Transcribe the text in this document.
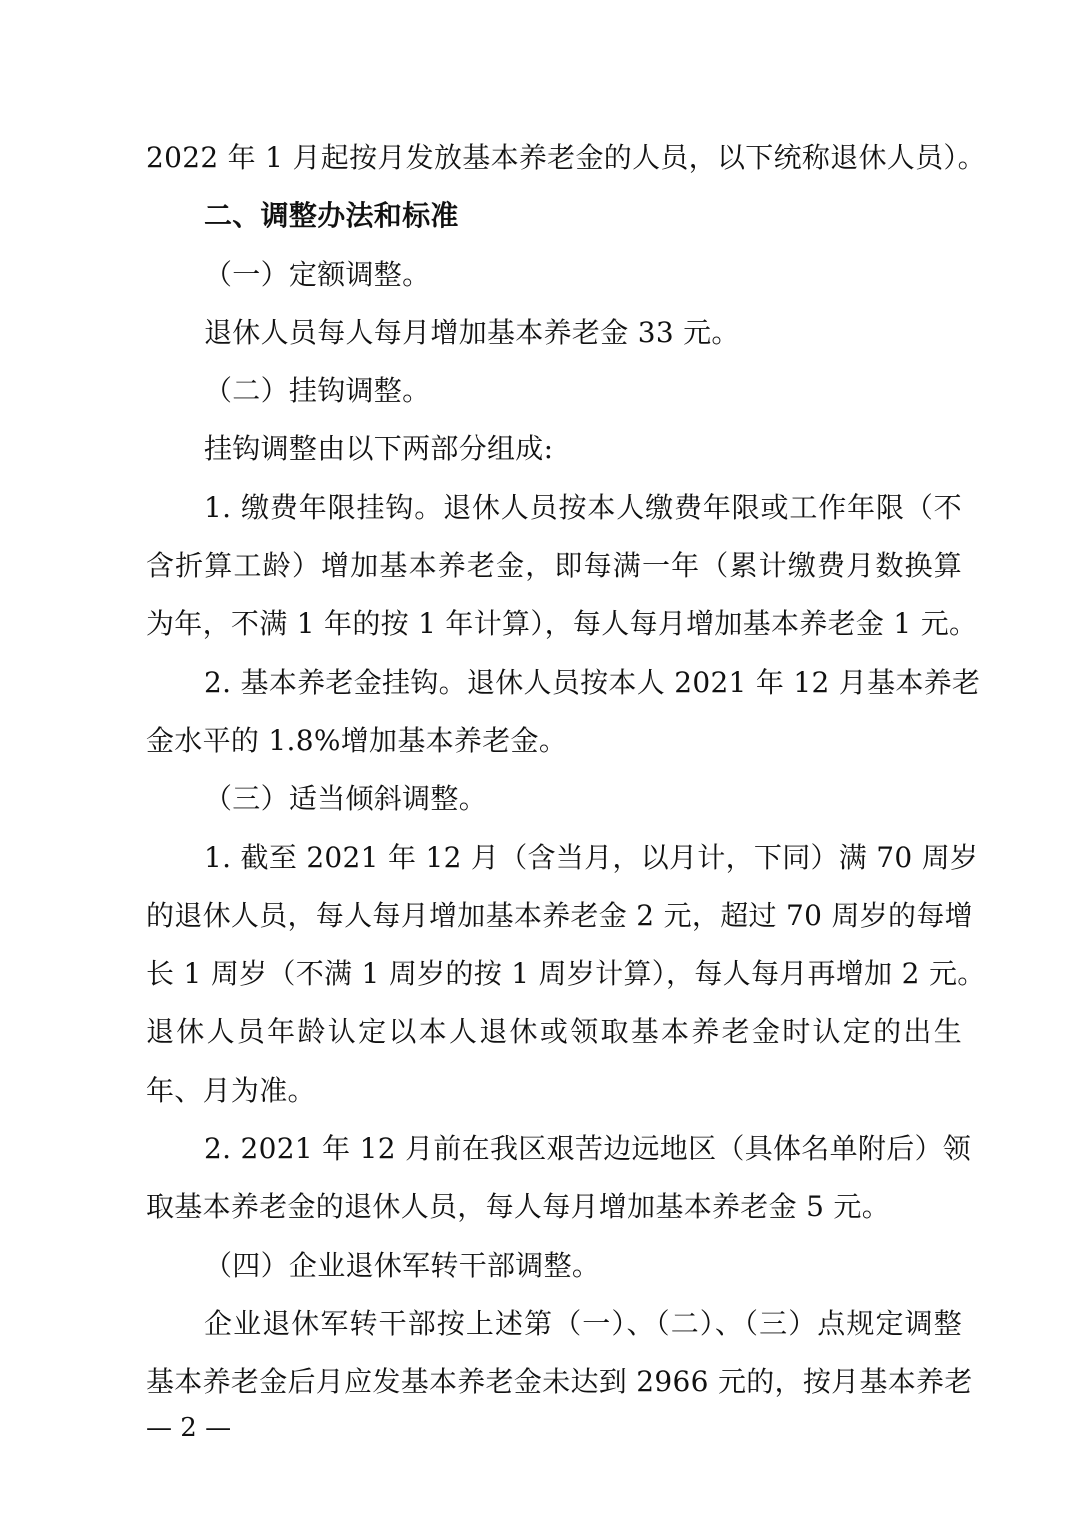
2022 年 1 月起按月发放基本养老金的人员，以下统称退休人员）。
二、调整办法和标准
（一）定额调整。
退休人员每人每月增加基本养老金 33 元。
（二）挂钩调整。
挂钩调整由以下两部分组成:
1. 缴费年限挂钩。退休人员按本人缴费年限或工作年限（不
含折算工龄）增加基本养老金，即每满一年（累计缴费月数换算
为年，不满 1 年的按 1 年计算），每人每月增加基本养老金 1 元。
2. 基本养老金挂钩。退休人员按本人 2021 年 12 月基本养老
金水平的 1.8%增加基本养老金。
（三）适当倾斜调整。
1. 截至 2021 年 12 月（含当月，以月计，下同）满 70 周岁
的退休人员，每人每月增加基本养老金 2 元，超过 70 周岁的每增
长 1 周岁（不满 1 周岁的按 1 周岁计算），每人每月再增加 2 元。
退休人员年龄认定以本人退休或领取基本养老金时认定的出生
年、月为准。
2. 2021 年 12 月前在我区艰苦边远地区（具体名单附后）领
取基本养老金的退休人员，每人每月增加基本养老金 5 元。
（四）企业退休军转干部调整。
企业退休军转干部按上述第（一）、（二）、（三）点规定调整
基本养老金后月应发基本养老金未达到 2966 元的，按月基本养老
— 2 —
